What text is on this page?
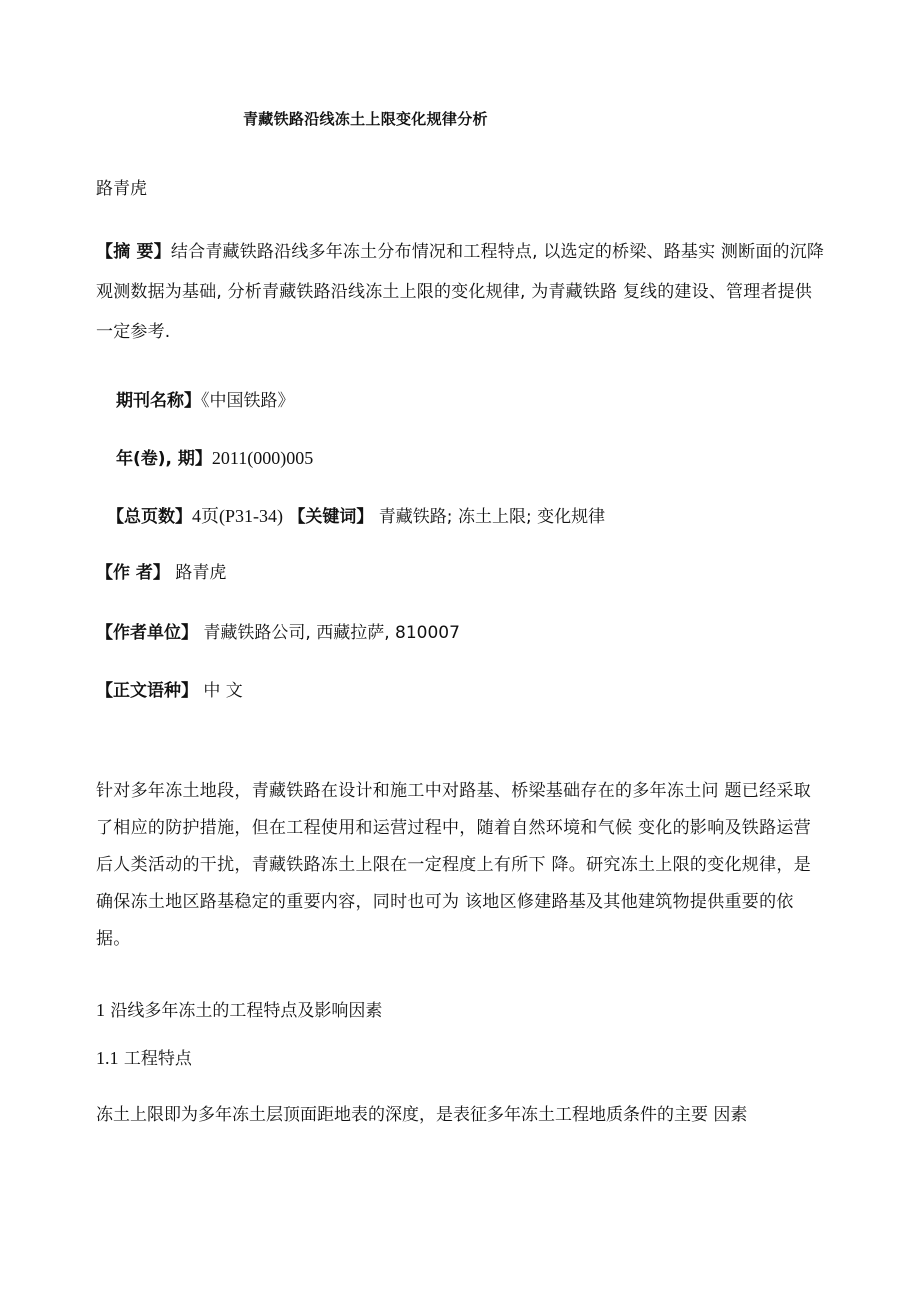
青藏铁路沿线冻土上限变化规律分析
路青虎
【摘 要】结合青藏铁路沿线多年冻土分布情况和工程特点, 以选定的桥梁、路基实 测断面的沉降观测数据为基础, 分析青藏铁路沿线冻土上限的变化规律, 为青藏铁路 复线的建设、管理者提供一定参考.
期刊名称】《中国铁路》
年(卷), 期】2011(000)005
【总页数】4页(P31-34) 【关键词】 青藏铁路; 冻土上限; 变化规律
【作 者】 路青虎
【作者单位】 青藏铁路公司, 西藏拉萨, 810007
【正文语种】 中 文
针对多年冻土地段，青藏铁路在设计和施工中对路基、桥梁基础存在的多年冻土问 题已经采取了相应的防护措施，但在工程使用和运营过程中，随着自然环境和气候 变化的影响及铁路运营后人类活动的干扰，青藏铁路冻土上限在一定程度上有所下 降。研究冻土上限的变化规律，是确保冻土地区路基稳定的重要内容，同时也可为 该地区修建路基及其他建筑物提供重要的依据。
1 沿线多年冻土的工程特点及影响因素
1.1 工程特点
冻土上限即为多年冻土层顶面距地表的深度，是表征多年冻土工程地质条件的主要 因素
